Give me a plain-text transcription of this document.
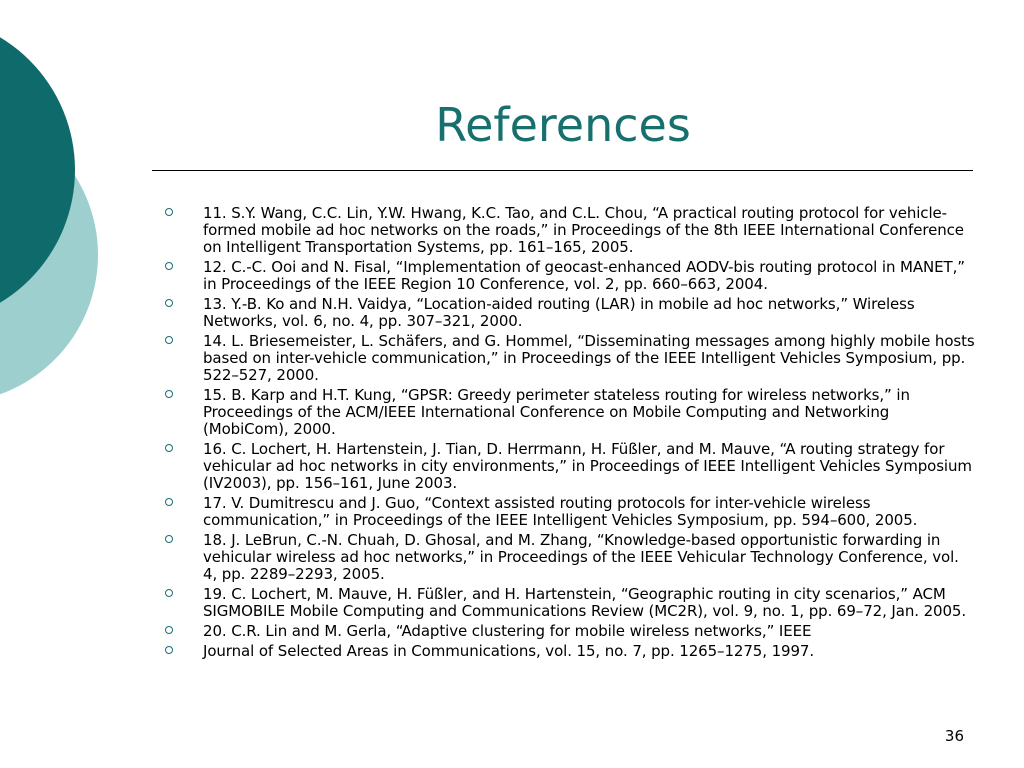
References
11. S.Y. Wang, C.C. Lin, Y.W. Hwang, K.C. Tao, and C.L. Chou, “A practical routing protocol for vehicle-formed mobile ad hoc networks on the roads,” in Proceedings of the 8th IEEE International Conference on Intelligent Transportation Systems, pp. 161–165, 2005.
12. C.-C. Ooi and N. Fisal, “Implementation of geocast-enhanced AODV-bis routing protocol in MANET,” in Proceedings of the IEEE Region 10 Conference, vol. 2, pp. 660–663, 2004.
13. Y.-B. Ko and N.H. Vaidya, “Location-aided routing (LAR) in mobile ad hoc networks,” Wireless Networks, vol. 6, no. 4, pp. 307–321, 2000.
14. L. Briesemeister, L. Schäfers, and G. Hommel, “Disseminating messages among highly mobile hosts based on inter-vehicle communication,” in Proceedings of the IEEE Intelligent Vehicles Symposium, pp. 522–527, 2000.
15. B. Karp and H.T. Kung, “GPSR: Greedy perimeter stateless routing for wireless networks,” in Proceedings of the ACM/IEEE International Conference on Mobile Computing and Networking (MobiCom), 2000.
16. C. Lochert, H. Hartenstein, J. Tian, D. Herrmann, H. Füßler, and M. Mauve, “A routing strategy for vehicular ad hoc networks in city environments,” in Proceedings of IEEE Intelligent Vehicles Symposium (IV2003), pp. 156–161, June 2003.
17. V. Dumitrescu and J. Guo, “Context assisted routing protocols for inter-vehicle wireless communication,” in Proceedings of the IEEE Intelligent Vehicles Symposium, pp. 594–600, 2005.
18. J. LeBrun, C.-N. Chuah, D. Ghosal, and M. Zhang, “Knowledge-based opportunistic forwarding in vehicular wireless ad hoc networks,” in Proceedings of the IEEE Vehicular Technology Conference, vol. 4, pp. 2289–2293, 2005.
19. C. Lochert, M. Mauve, H. Füßler, and H. Hartenstein, “Geographic routing in city scenarios,” ACM SIGMOBILE Mobile Computing and Communications Review (MC2R), vol. 9, no. 1, pp. 69–72, Jan. 2005.
20. C.R. Lin and M. Gerla, “Adaptive clustering for mobile wireless networks,” IEEE
Journal of Selected Areas in Communications, vol. 15, no. 7, pp. 1265–1275, 1997.
36
